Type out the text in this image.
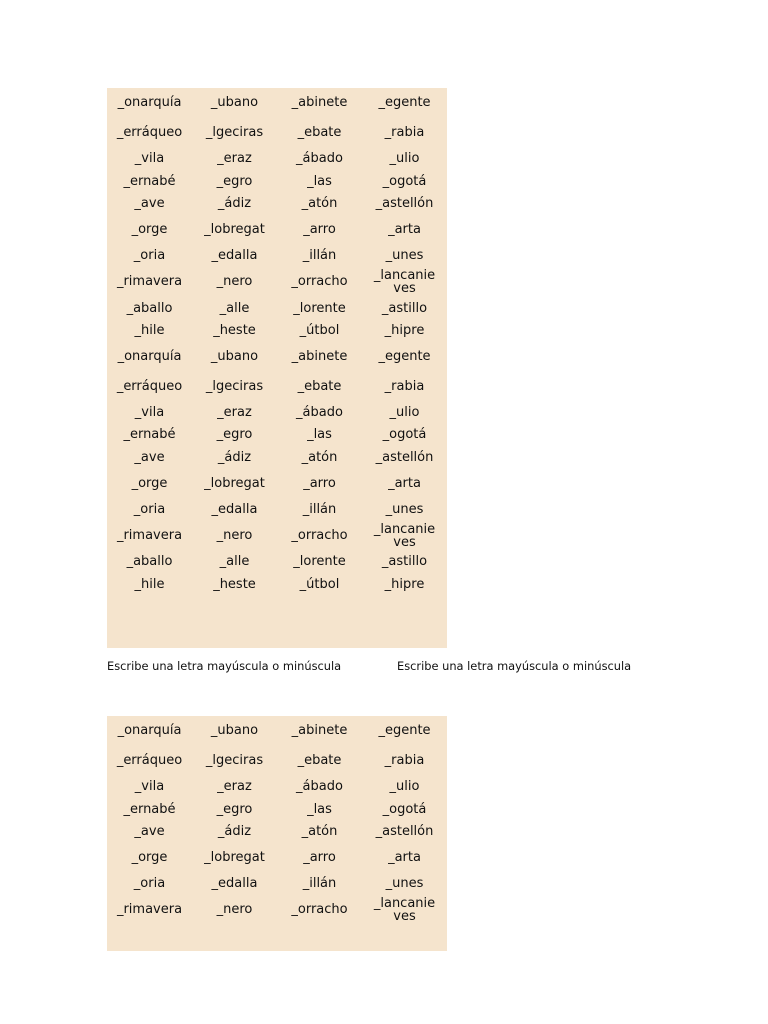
_onarquía	_ubano	_abinete	_egente
_erráqueo	_lgeciras	_ebate	_rabia
_vila	_eraz	_ábado	_ulio
_ernabé	_egro	_las	_ogotá
_ave	_ádiz	_atón	_astellón
_orge	_lobregat	_arro	_arta
_oria	_edalla	_illán	_unes
_rimavera	_nero	_orracho	_lancanieves
_aballo	_alle	_lorente	_astillo
_hile	_heste	_útbol	_hipre
_onarquía	_ubano	_abinete	_egente
_erráqueo	_lgeciras	_ebate	_rabia
_vila	_eraz	_ábado	_ulio
_ernabé	_egro	_las	_ogotá
_ave	_ádiz	_atón	_astellón
_orge	_lobregat	_arro	_arta
_oria	_edalla	_illán	_unes
_rimavera	_nero	_orracho	_lancanieves
_aballo	_alle	_lorente	_astillo
_hile	_heste	_útbol	_hipre
Escribe una letra mayúscula o minúscula	Escribe una letra mayúscula o minúscula
_onarquía	_ubano	_abinete	_egente
_erráqueo	_lgeciras	_ebate	_rabia
_vila	_eraz	_ábado	_ulio
_ernabé	_egro	_las	_ogotá
_ave	_ádiz	_atón	_astellón
_orge	_lobregat	_arro	_arta
_oria	_edalla	_illán	_unes
_rimavera	_nero	_orracho	_lancanieves
